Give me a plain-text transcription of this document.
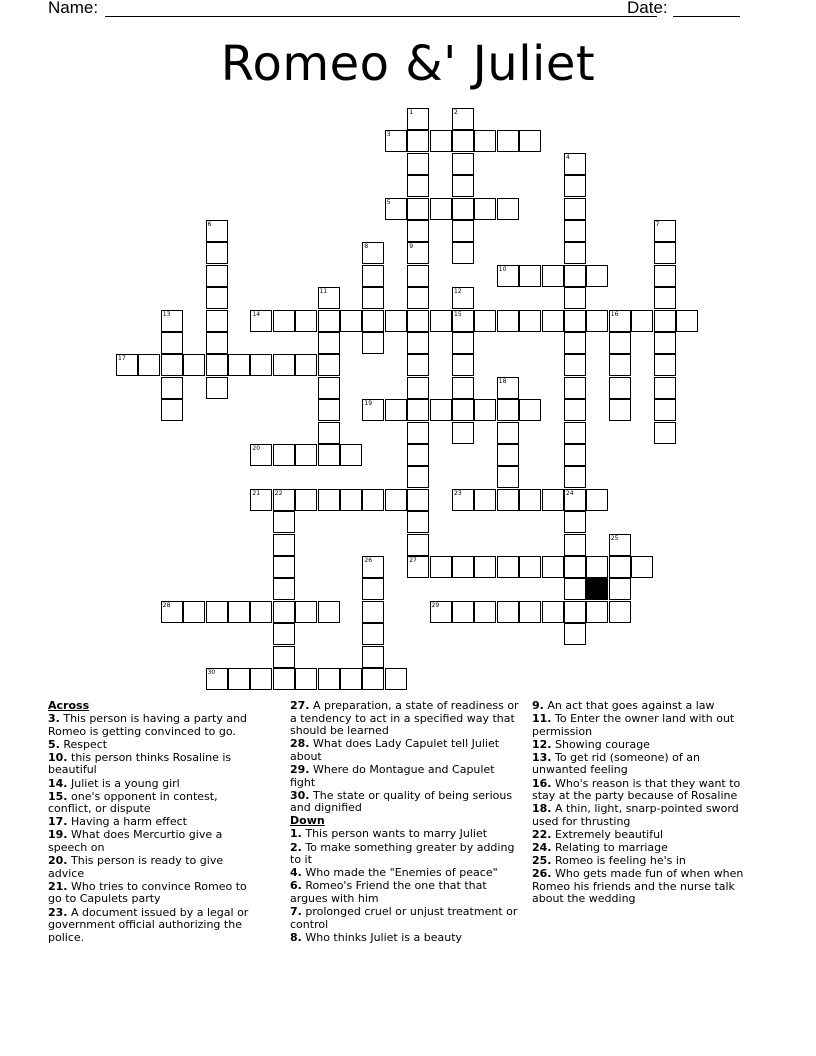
Name:	Date:
Romeo &' Juliet
1
9
2
3
4
5
6	7
8
10
11	12
15
13	14	16
17
18
19
20
21 22	23	24
25
26	27
28	29
30
Across
3. This person is having a party and Romeo is getting convinced to go.
5. Respect
10. this person thinks Rosaline is beautiful
14. Juliet is a young girl
15. one's opponent in contest, conflict, or dispute
17. Having a harm effect
19. What does Mercurtio give a speech on
20. This person is ready to give advice
21. Who tries to convince Romeo to go to Capulets party
23. A document issued by a legal or government official authorizing the police.
27. A preparation, a state of readiness or a tendency to act in a specified way that should be learned
28. What does Lady Capulet tell Juliet about
29. Where do Montague and Capulet fight
30. The state or quality of being serious and dignified
Down
1. This person wants to marry Juliet
2. To make something greater by adding to it
4. Who made the "Enemies of peace"
6. Romeo's Friend the one that that argues with him
7. prolonged cruel or unjust treatment or control
8. Who thinks Juliet is a beauty
9. An act that goes against a law
11. To Enter the owner land with out permission
12. Showing courage
13. To get rid (someone) of an unwanted feeling
16. Who's reason is that they want to stay at the party because of Rosaline
18. A thin, light, snarp-pointed sword used for thrusting
22. Extremely beautiful
24. Relating to marriage
25. Romeo is feeling he's in
26. Who gets made fun of when when Romeo his friends and the nurse talk about the wedding
